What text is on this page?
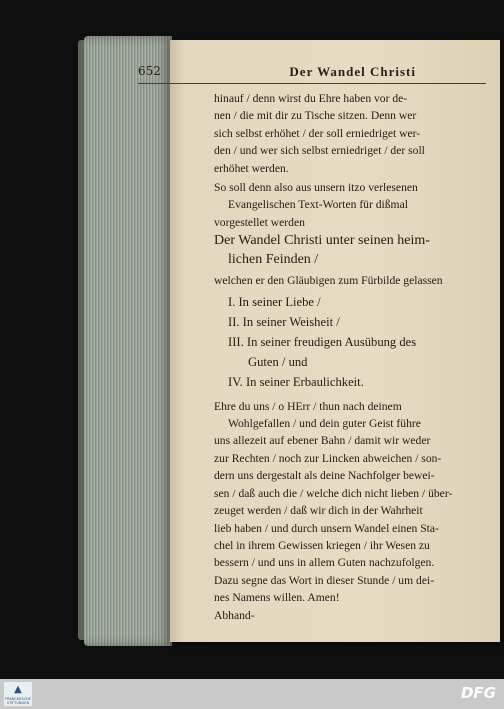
652	Der Wandel Christi

hinauf / denn wirst du Ehre haben vor de-
nen / die mit dir zu Tische sitzen. Denn wer
sich selbst erhöhet / der soll erniedriget wer-
den / und wer sich selbst erniedriget / der soll
erhöhet werden.

So soll denn also aus unsern itzo verlesenen
Evangelischen Text-Worten für dißmal
vorgestellet werden

Der Wandel Christi unter seinen heim-
lichen Feinden /

welchen er den Gläubigen zum Fürbilde gelassen

I. In seiner Liebe /
II. In seiner Weisheit /
III. In seiner freudigen Ausübung des
Guten / und
IV. In seiner Erbaulichkeit.

Ehre du uns / o HErr / thun nach deinem
Wohlgefallen / und dein guter Geist führe
uns allezeit auf ebener Bahn / damit wir weder
zur Rechten / noch zur Lincken abweichen / son-
dern uns dergestalt als deine Nachfolger bewei-
sen / daß auch die / welche dich nicht lieben / über-
zeuget werden / daß wir dich in der Wahrheit
lieb haben / und durch unsern Wandel einen Sta-
chel in ihrem Gewissen kriegen / ihr Wesen zu
bessern / und uns in allem Guten nachzufolgen.
Dazu segne das Wort in dieser Stunde / um dei-
nes Namens willen. Amen!

Abhand-

▲
FRANCKESCHE STIFTUNGEN
DFG
